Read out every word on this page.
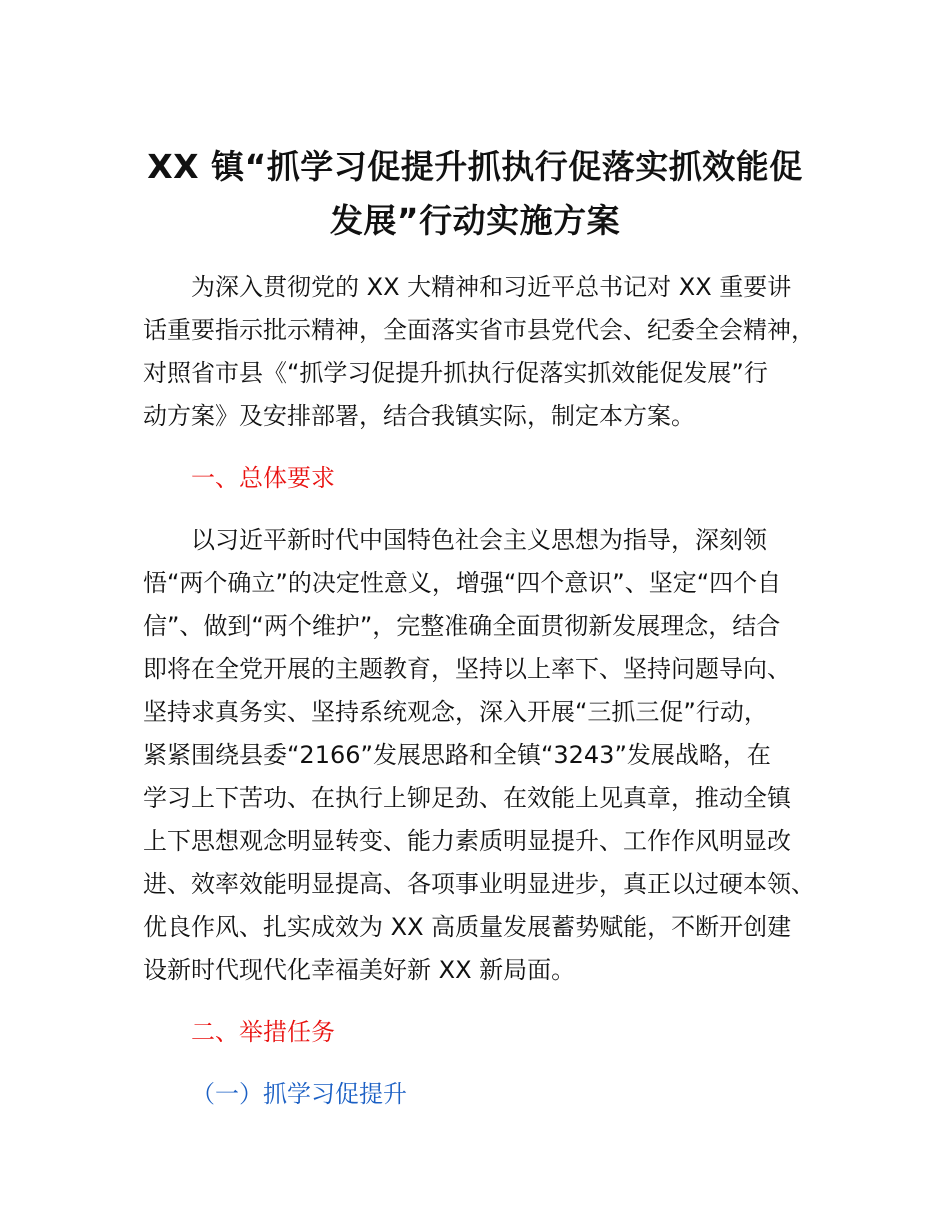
XX 镇“抓学习促提升抓执行促落实抓效能促
发展”行动实施方案
为深入贯彻党的 XX 大精神和习近平总书记对 XX 重要讲
话重要指示批示精神，全面落实省市县党代会、纪委全会精神，
对照省市县《“抓学习促提升抓执行促落实抓效能促发展”行
动方案》及安排部署，结合我镇实际，制定本方案。
一、总体要求
以习近平新时代中国特色社会主义思想为指导，深刻领
悟“两个确立”的决定性意义，增强“四个意识”、坚定“四个自
信”、做到“两个维护”，完整准确全面贯彻新发展理念，结合
即将在全党开展的主题教育，坚持以上率下、坚持问题导向、
坚持求真务实、坚持系统观念，深入开展“三抓三促”行动，
紧紧围绕县委“2166”发展思路和全镇“3243”发展战略，在
学习上下苦功、在执行上铆足劲、在效能上见真章，推动全镇
上下思想观念明显转变、能力素质明显提升、工作作风明显改
进、效率效能明显提高、各项事业明显进步，真正以过硬本领、
优良作风、扎实成效为 XX 高质量发展蓄势赋能，不断开创建
设新时代现代化幸福美好新 XX 新局面。
二、举措任务
（一）抓学习促提升
